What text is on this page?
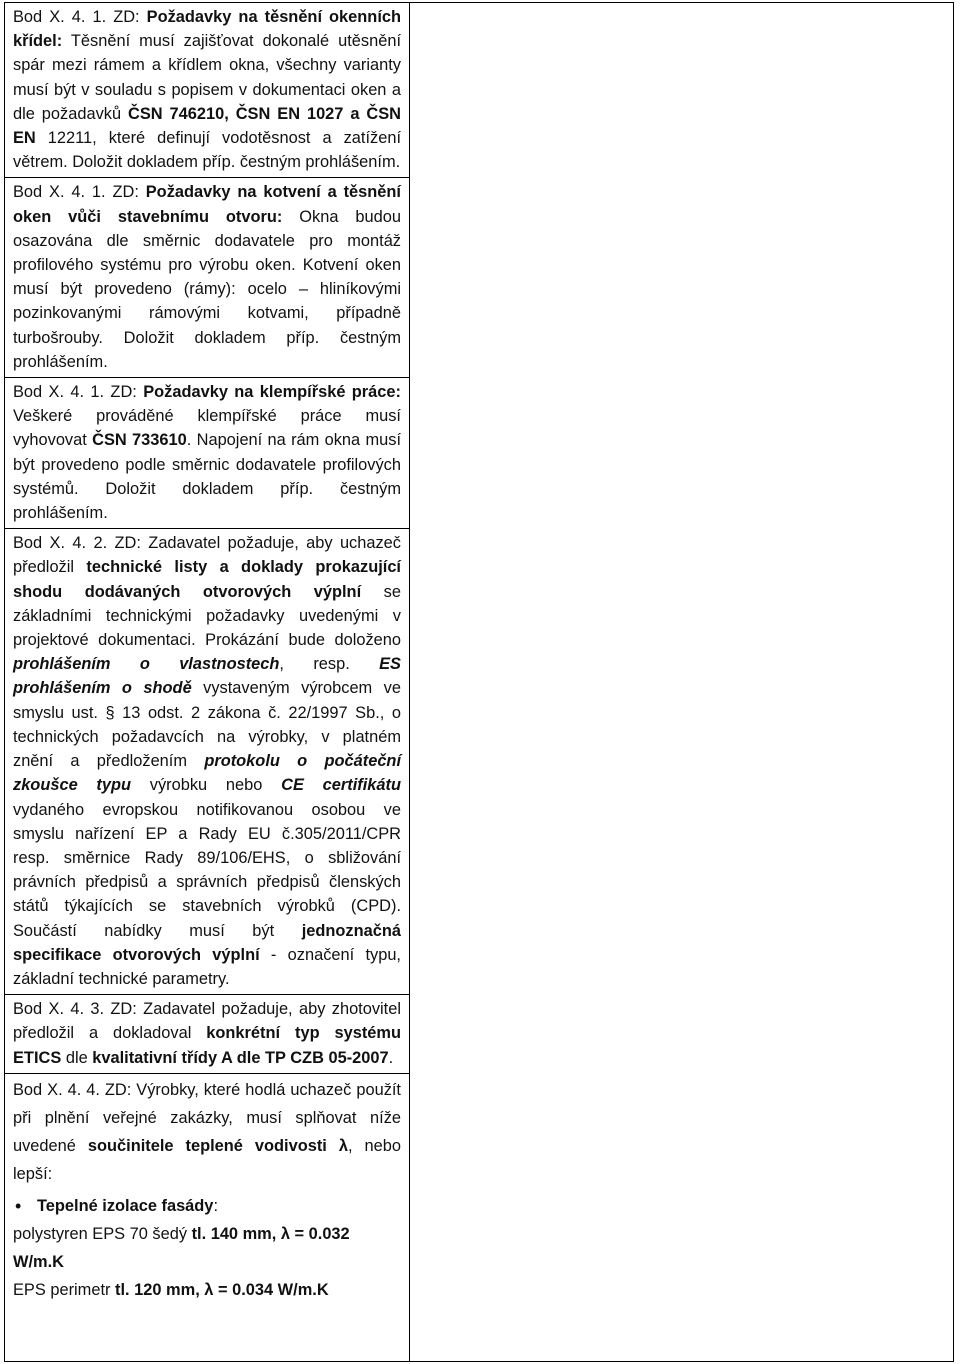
Bod X. 4. 1. ZD: Požadavky na těsnění okenních křídel: Těsnění musí zajišťovat dokonalé utěsnění spár mezi rámem a křídlem okna, všechny varianty musí být v souladu s popisem v dokumentaci oken a dle požadavků ČSN 746210, ČSN EN 1027 a ČSN EN 12211, které definují vodotěsnost a zatížení větrem. Doložit dokladem příp. čestným prohlášením.
Bod X. 4. 1. ZD: Požadavky na kotvení a těsnění oken vůči stavebnímu otvoru: Okna budou osazována dle směrnic dodavatele pro montáž profilového systému pro výrobu oken. Kotvení oken musí být provedeno (rámy): ocelo – hliníkovými pozinkovanými rámovými kotvami, případně turbošrouby. Doložit dokladem příp. čestným prohlášením.
Bod X. 4. 1. ZD: Požadavky na klempířské práce: Veškeré prováděné klempířské práce musí vyhovovat ČSN 733610. Napojení na rám okna musí být provedeno podle směrnic dodavatele profilových systémů. Doložit dokladem příp. čestným prohlášením.
Bod X. 4. 2. ZD: Zadavatel požaduje, aby uchazeč předložil technické listy a doklady prokazující shodu dodávaných otvorových výplní se základními technickými požadavky uvedenými v projektové dokumentaci. Prokázání bude doloženo prohlášením o vlastnostech, resp. ES prohlášením o shodě vystaveným výrobcem ve smyslu ust. § 13 odst. 2 zákona č. 22/1997 Sb., o technických požadavcích na výrobky, v platném znění a předložením protokolu o počáteční zkoušce typu výrobku nebo CE certifikátu vydaného evropskou notifikovanou osobou ve smyslu nařízení EP a Rady EU č.305/2011/CPR resp. směrnice Rady 89/106/EHS, o sbližování právních předpisů a správních předpisů členských států týkajících se stavebních výrobků (CPD). Součástí nabídky musí být jednoznačná specifikace otvorových výplní - označení typu, základní technické parametry.
Bod X. 4. 3. ZD: Zadavatel požaduje, aby zhotovitel předložil a dokladoval konkrétní typ systému ETICS dle kvalitativní třídy A dle TP CZB 05-2007.
Bod X. 4. 4. ZD: Výrobky, které hodlá uchazeč použít při plnění veřejné zakázky, musí splňovat níže uvedené součinitele teplené vodivosti λ, nebo lepší:
• Tepelné izolace fasády:

polystyren EPS 70 šedý tl. 140 mm, λ = 0.032 W/m.K

EPS perimetr tl. 120 mm, λ = 0.034 W/m.K
